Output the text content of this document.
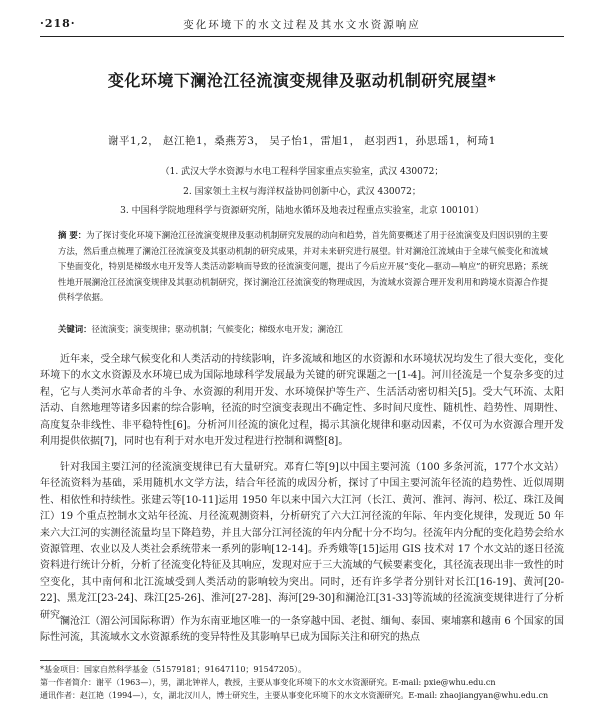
·218·	变化环境下的水文过程及其水文水资源响应
变化环境下澜沧江径流演变规律及驱动机制研究展望*
谢平1,2， 赵江艳1，桑燕芳3， 吴子怡1，雷旭1， 赵羽西1，孙思瑶1，柯琦1
（1. 武汉大学水资源与水电工程科学国家重点实验室，武汉 430072；
2. 国家领土主权与海洋权益协同创新中心，武汉 430072；
3. 中国科学院地理科学与资源研究所，陆地水循环及地表过程重点实验室，北京 100101）
摘 要：为了探讨变化环境下澜沧江径流演变规律及驱动机制研究发展的动向和趋势，首先简要概述了用于径流演变及归因识别的主要方法，然后重点梳理了澜沧江径流演变及其驱动机制的研究成果，并对未来研究进行展望。针对澜沧江流域由于全球气候变化和流域下垫面变化，特别是梯级水电开发等人类活动影响而导致的径流演变问题，提出了今后应开展“变化—驱动—响应”的研究思路；系统性地开展澜沧江径流演变规律及其驱动机制研究，探讨澜沧江径流演变的物理成因，为流域水资源合理开发利用和跨境水资源合作提供科学依据。
关键词：径流演变；演变规律；驱动机制；气候变化；梯级水电开发；澜沧江

近年来，受全球气候变化和人类活动的持续影响，许多流域和地区的水资源和水环境状况均发生了很大变化，变化环境下的水文水资源及水环境已成为国际地球科学发展最为关键的研究课题之一[1-4]。河川径流是一个复杂多变的过程，它与人类河水革命者的斗争、水资源的利用开发、水环境保护等生产、生活活动密切相关[5]。受大气环流、太阳活动、自然地理等诸多因素的综合影响，径流的时空演变表现出不确定性、多时间尺度性、随机性、趋势性、周期性、高度复杂非线性、非平稳特性[6]。分析河川径流的演化过程，揭示其演化规律和驱动因素，不仅可为水资源合理开发利用提供依据[7]，同时也有利于对水电开发过程进行控制和调整[8]。

针对我国主要江河的径流演变规律已有大量研究。邓育仁等[9]以中国主要河流（100 多条河流，177个水文站）年径流资料为基础，采用随机水文学方法，结合年径流的成因分析，探讨了中国主要河流年径流的趋势性、近似周期性、相依性和持续性。张建云等[10-11]运用 1950 年以来中国六大江河（长江、黄河、淮河、海河、松辽、珠江及闽江）19 个重点控制水文站年径流、月径流观测资料，分析研究了六大江河径流的年际、年内变化规律，发现近 50 年来六大江河的实测径流量均呈下降趋势，并且大部分江河径流的年内分配十分不均匀。径流年内分配的变化趋势会给水资源管理、农业以及人类社会系统带来一系列的影响[12-14]。乔秀娥等[15]运用 GIS 技术对 17 个水文站的逐日径流资料进行统计分析，分析了径流变化特征及其响应，发现对应于三大流域的气候要素变化，其径流表现出非一致性的时空变化，其中南何和北江流域受到人类活动的影响较为突出。同时，还有许多学者分别针对长江[16-19]、黄河[20-22]、黑龙江[23-24]、珠江[25-26]、淮河[27-28]、海河[29-30]和澜沧江[31-33]等流域的径流演变规律进行了分析研究。

澜沧江（湄公河国际称谓）作为东南亚地区唯一的一条穿越中国、老挝、缅甸、泰国、柬埔寨和越南 6 个国家的国际性河流，其流域水文水资源系统的变异特性及其影响早已成为国际关注和研究的热点

*基金项目：国家自然科学基金（51579181；91647110；91547205）。
第一作者简介：谢平（1963—），男，湖北钟祥人，教授，主要从事变化环境下的水文水资源研究。E-mail: pxie@whu.edu.cn
通讯作者：赵江艳（1994—），女，湖北汉川人，博士研究生，主要从事变化环境下的水文水资源研究。E-mail: zhaojiangyan@whu.edu.cn
